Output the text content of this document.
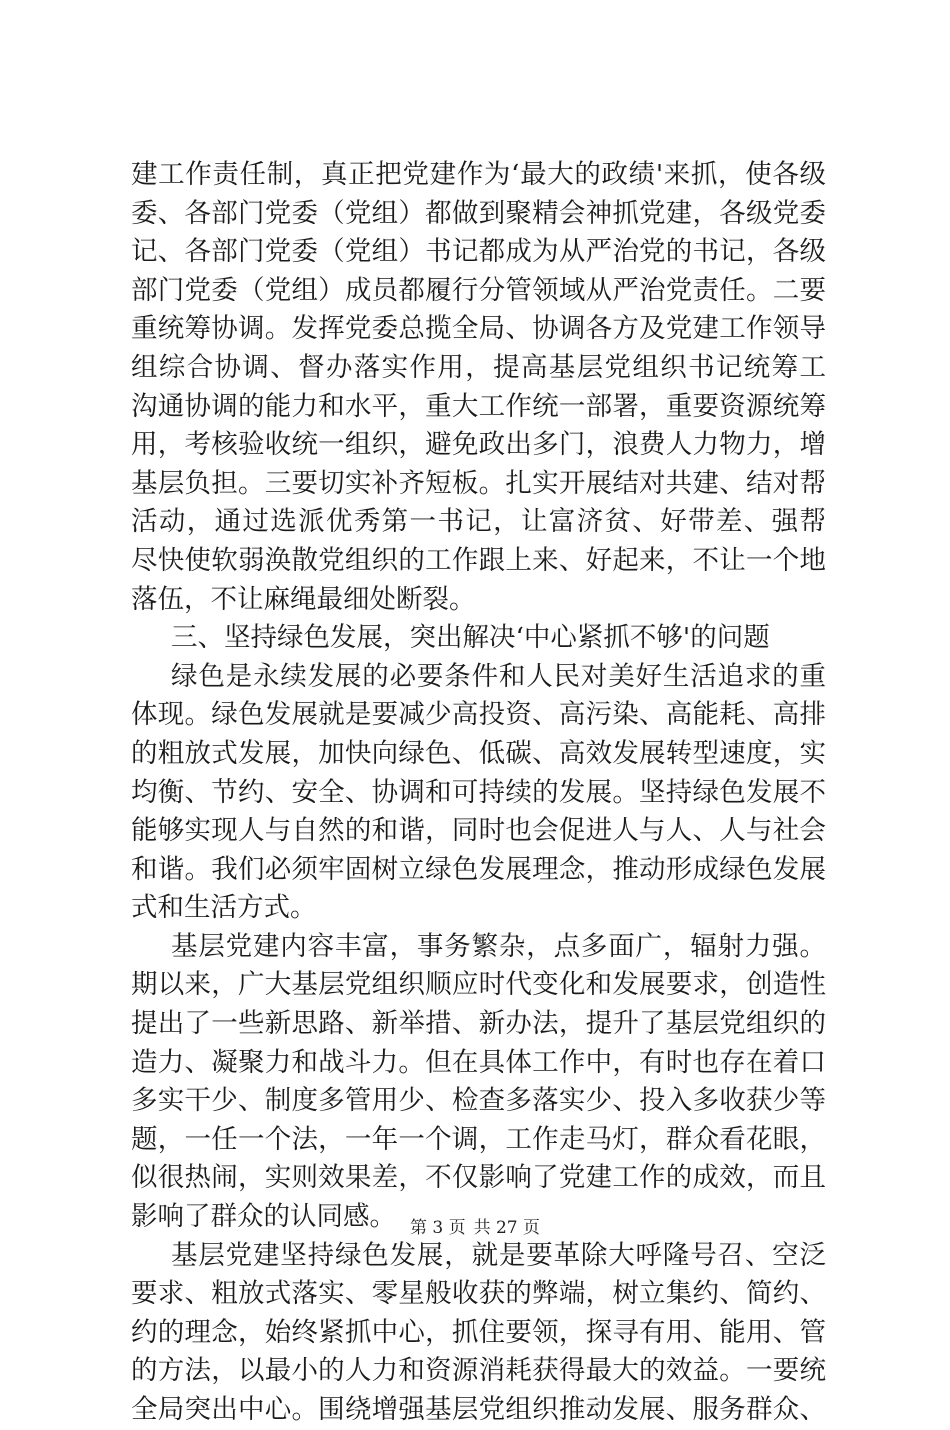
建工作责任制，真正把党建作为‘最大的政绩'来抓，使各级
委、各部门党委（党组）都做到聚精会神抓党建，各级党委
记、各部门党委（党组）书记都成为从严治党的书记，各级
部门党委（党组）成员都履行分管领域从严治党责任。二要
重统筹协调。发挥党委总揽全局、协调各方及党建工作领导
组综合协调、督办落实作用，提高基层党组织书记统筹工
沟通协调的能力和水平，重大工作统一部署，重要资源统筹
用，考核验收统一组织，避免政出多门，浪费人力物力，增
基层负担。三要切实补齐短板。扎实开展结对共建、结对帮
活动，通过选派优秀第一书记，让富济贫、好带差、强帮
尽快使软弱涣散党组织的工作跟上来、好起来，不让一个地
落伍，不让麻绳最细处断裂。
三、坚持绿色发展，突出解决‘中心紧抓不够'的问题
绿色是永续发展的必要条件和人民对美好生活追求的重
体现。绿色发展就是要减少高投资、高污染、高能耗、高排
的粗放式发展，加快向绿色、低碳、高效发展转型速度，实
均衡、节约、安全、协调和可持续的发展。坚持绿色发展不
能够实现人与自然的和谐，同时也会促进人与人、人与社会
和谐。我们必须牢固树立绿色发展理念，推动形成绿色发展
式和生活方式。
基层党建内容丰富，事务繁杂，点多面广，辐射力强。
期以来，广大基层党组织顺应时代变化和发展要求，创造性
提出了一些新思路、新举措、新办法，提升了基层党组织的
造力、凝聚力和战斗力。但在具体工作中，有时也存在着口
多实干少、制度多管用少、检查多落实少、投入多收获少等
题，一任一个法，一年一个调，工作走马灯，群众看花眼，
似很热闹，实则效果差，不仅影响了党建工作的成效，而且
影响了群众的认同感。
基层党建坚持绿色发展，就是要革除大呼隆号召、空泛
要求、粗放式落实、零星般收获的弊端，树立集约、简约、
约的理念，始终紧抓中心，抓住要领，探寻有用、能用、管
的方法，以最小的人力和资源消耗获得最大的效益。一要统
全局突出中心。围绕增强基层党组织推动发展、服务群众、
第 3 页 共 27 页
